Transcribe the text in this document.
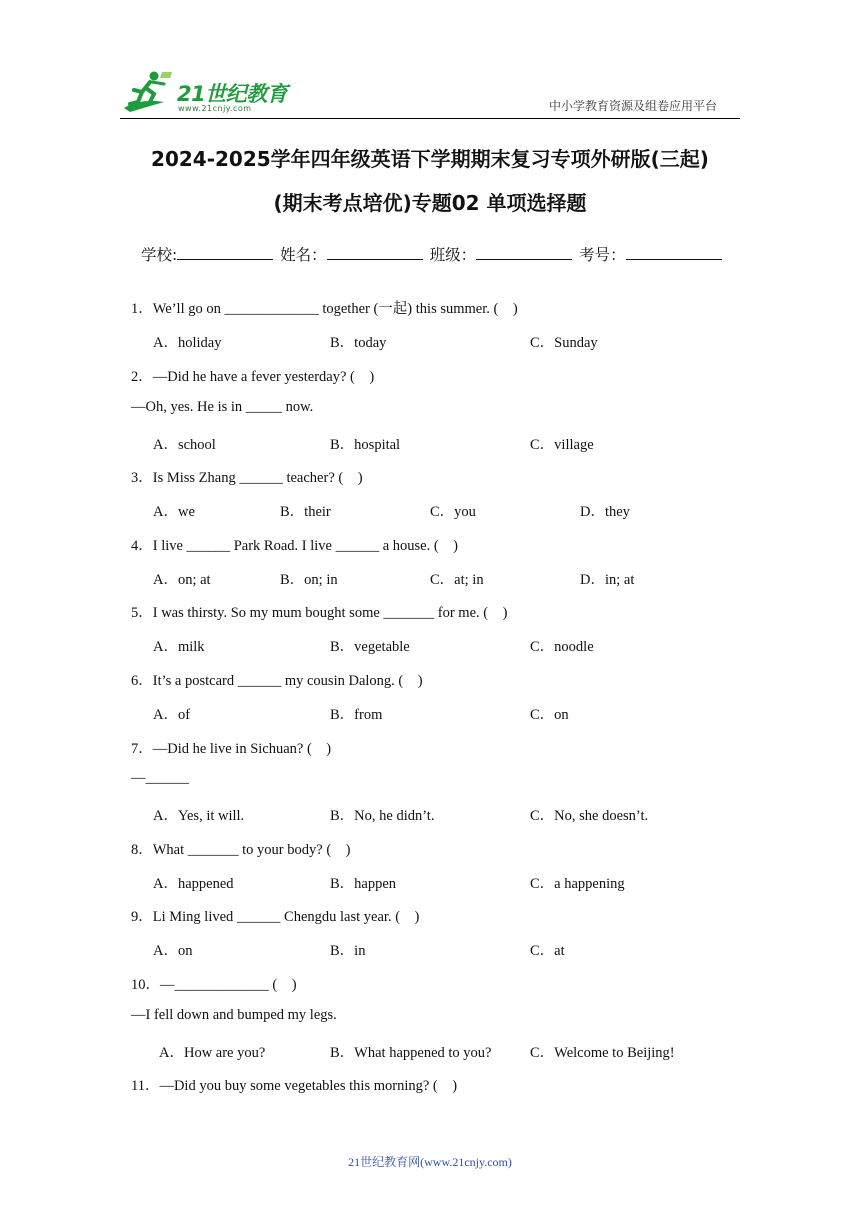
21世纪教育
www.21cnjy.com	中小学教育资源及组卷应用平台
2024-2025学年四年级英语下学期期末复习专项外研版(三起)
(期末考点培优)专题02 单项选择题
学校:	姓名：	班级：	考号：
1．We’ll go on _____________ together (一起) this summer. (　)
A．holiday	B．today	C．Sunday
2．—Did he have a fever yesterday? (　)
—Oh, yes. He is in _____ now.
A．school	B．hospital	C．village
3．Is Miss Zhang ______ teacher? (　)
A．we	B．their	C．you	D．they
4．I live ______ Park Road. I live ______ a house. (　)
A．on; at	B．on; in	C．at; in	D．in; at
5．I was thirsty. So my mum bought some _______ for me. (　)
A．milk	B．vegetable	C．noodle
6．It’s a postcard ______ my cousin Dalong. (　)
A．of	B．from	C．on
7．—Did he live in Sichuan? (　)
—______
A．Yes, it will.	B．No, he didn’t.	C．No, she doesn’t.
8．What _______ to your body? (　)
A．happened	B．happen	C．a happening
9．Li Ming lived ______ Chengdu last year. (　)
A．on	B．in	C．at
10．—_____________ (　)
—I fell down and bumped my legs.
A．How are you?	B．What happened to you?	C．Welcome to Beijing!
11．—Did you buy some vegetables this morning? (　)
21世纪教育网(www.21cnjy.com)
